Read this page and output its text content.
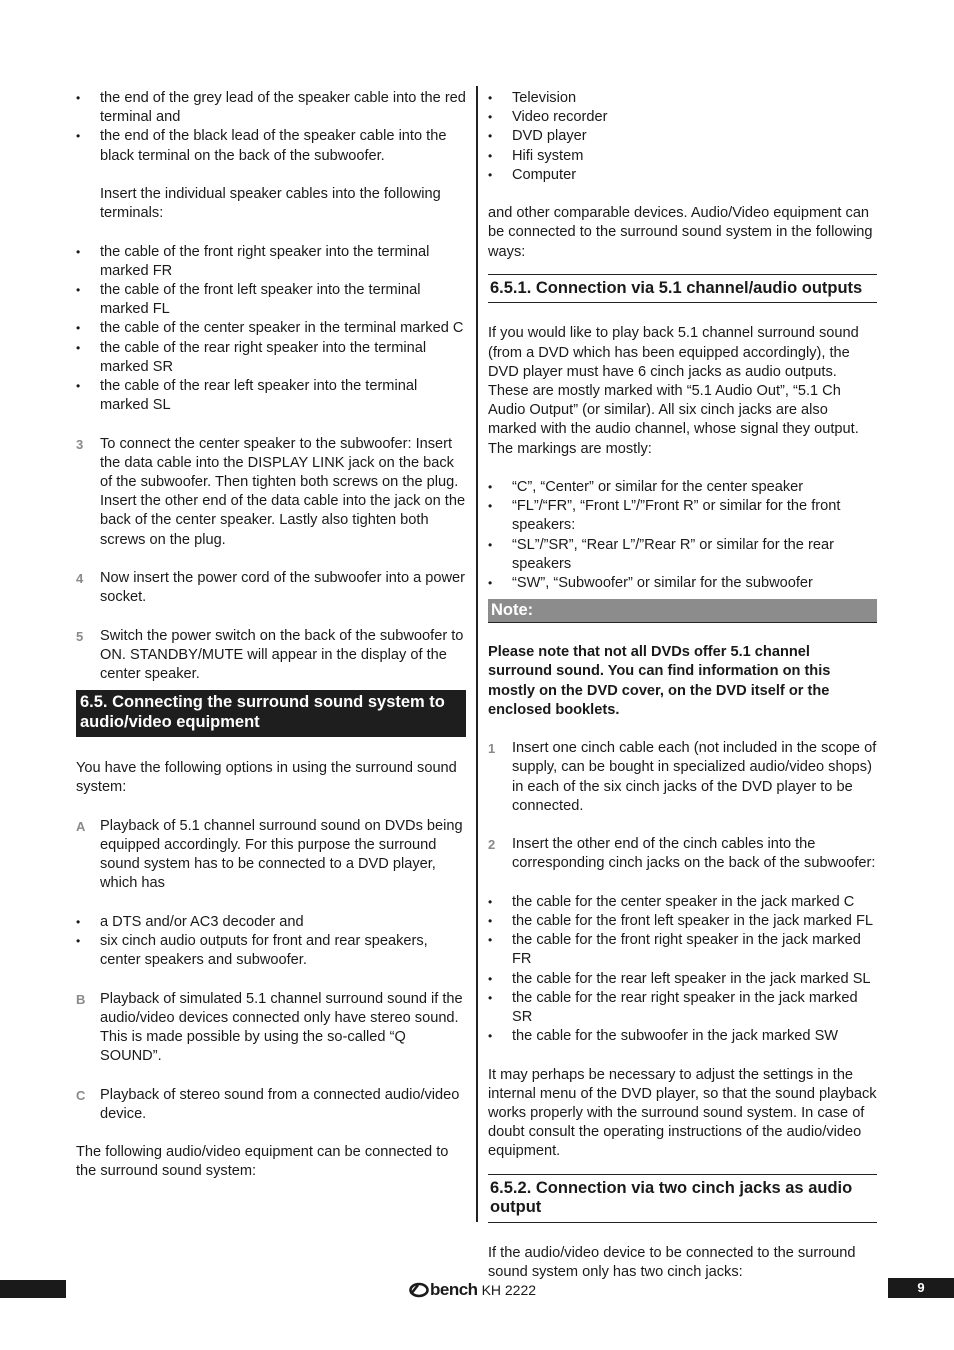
• the end of the grey lead of the speaker cable into the red terminal and
• the end of the black lead of the speaker cable into the black terminal on the back of the subwoofer.

Insert the individual speaker cables into the following terminals:

• the cable of the front right speaker into the terminal marked FR
• the cable of the front left speaker into the terminal marked FL
• the cable of the center speaker in the terminal marked C
• the cable of the rear right speaker into the terminal marked SR
• the cable of the rear left speaker into the terminal marked SL
3 To connect the center speaker to the subwoofer: Insert the data cable into the DISPLAY LINK jack on the back of the subwoofer. Then tighten both screws on the plug. Insert the other end of the data cable into the jack on the back of the center speaker. Lastly also tighten both screws on the plug.
4 Now insert the power cord of the subwoofer into a power socket.
5 Switch the power switch on the back of the subwoofer to ON. STANDBY/MUTE will appear in the display of the center speaker.
6.5. Connecting the surround sound system to audio/video equipment

You have the following options in using the surround sound system:

A Playback of 5.1 channel surround sound on DVDs being equipped accordingly. For this purpose the surround sound system has to be connected to a DVD player, which has
• a DTS and/or AC3 decoder and
• six cinch audio outputs for front and rear speakers, center speakers and subwoofer.
B Playback of simulated 5.1 channel surround sound if the audio/video devices connected only have stereo sound. This is made possible by using the so-called “Q SOUND”.
C Playback of stereo sound from a connected audio/video device.

The following audio/video equipment can be connected to the surround sound system:

• Television
• Video recorder
• DVD player
• Hifi system
• Computer

and other comparable devices. Audio/Video equipment can be connected to the surround sound system in the following ways:

6.5.1. Connection via 5.1 channel/audio outputs

If you would like to play back 5.1 channel surround sound (from a DVD which has been equipped accordingly), the DVD player must have 6 cinch jacks as audio outputs. These are mostly marked with “5.1 Audio Out”, “5.1 Ch Audio Output” (or similar). All six cinch jacks are also marked with the audio channel, whose signal they output. The markings are mostly:

• “C”, “Center” or similar for the center speaker
• “FL”/“FR”, “Front L”/”Front R” or similar for the front speakers:
• “SL”/”SR”, “Rear L”/”Rear R” or similar for the rear speakers
• “SW”, “Subwoofer” or similar for the subwoofer
Note:

Please note that not all DVDs offer 5.1 channel surround sound. You can find information on this mostly on the DVD cover, on the DVD itself or the enclosed booklets.

1 Insert one cinch cable each (not included in the scope of supply, can be bought in specialized audio/video shops) in each of the six cinch jacks of the DVD player to be connected.
2 Insert the other end of the cinch cables into the corresponding cinch jacks on the back of the subwoofer:
• the cable for the center speaker in the jack marked C
• the cable for the front left speaker in the jack marked FL
• the cable for the front right speaker in the jack marked FR
• the cable for the rear left speaker in the jack marked SL
• the cable for the rear right speaker in the jack marked SR
• the cable for the subwoofer in the jack marked SW

It may perhaps be necessary to adjust the settings in the internal menu of the DVD player, so that the sound playback works properly with the surround sound system. In case of doubt consult the operating instructions of the audio/video equipment.

6.5.2. Connection via two cinch jacks as audio output

If the audio/video device to be connected to the surround sound system only has two cinch jacks:

bench KH 2222	9
